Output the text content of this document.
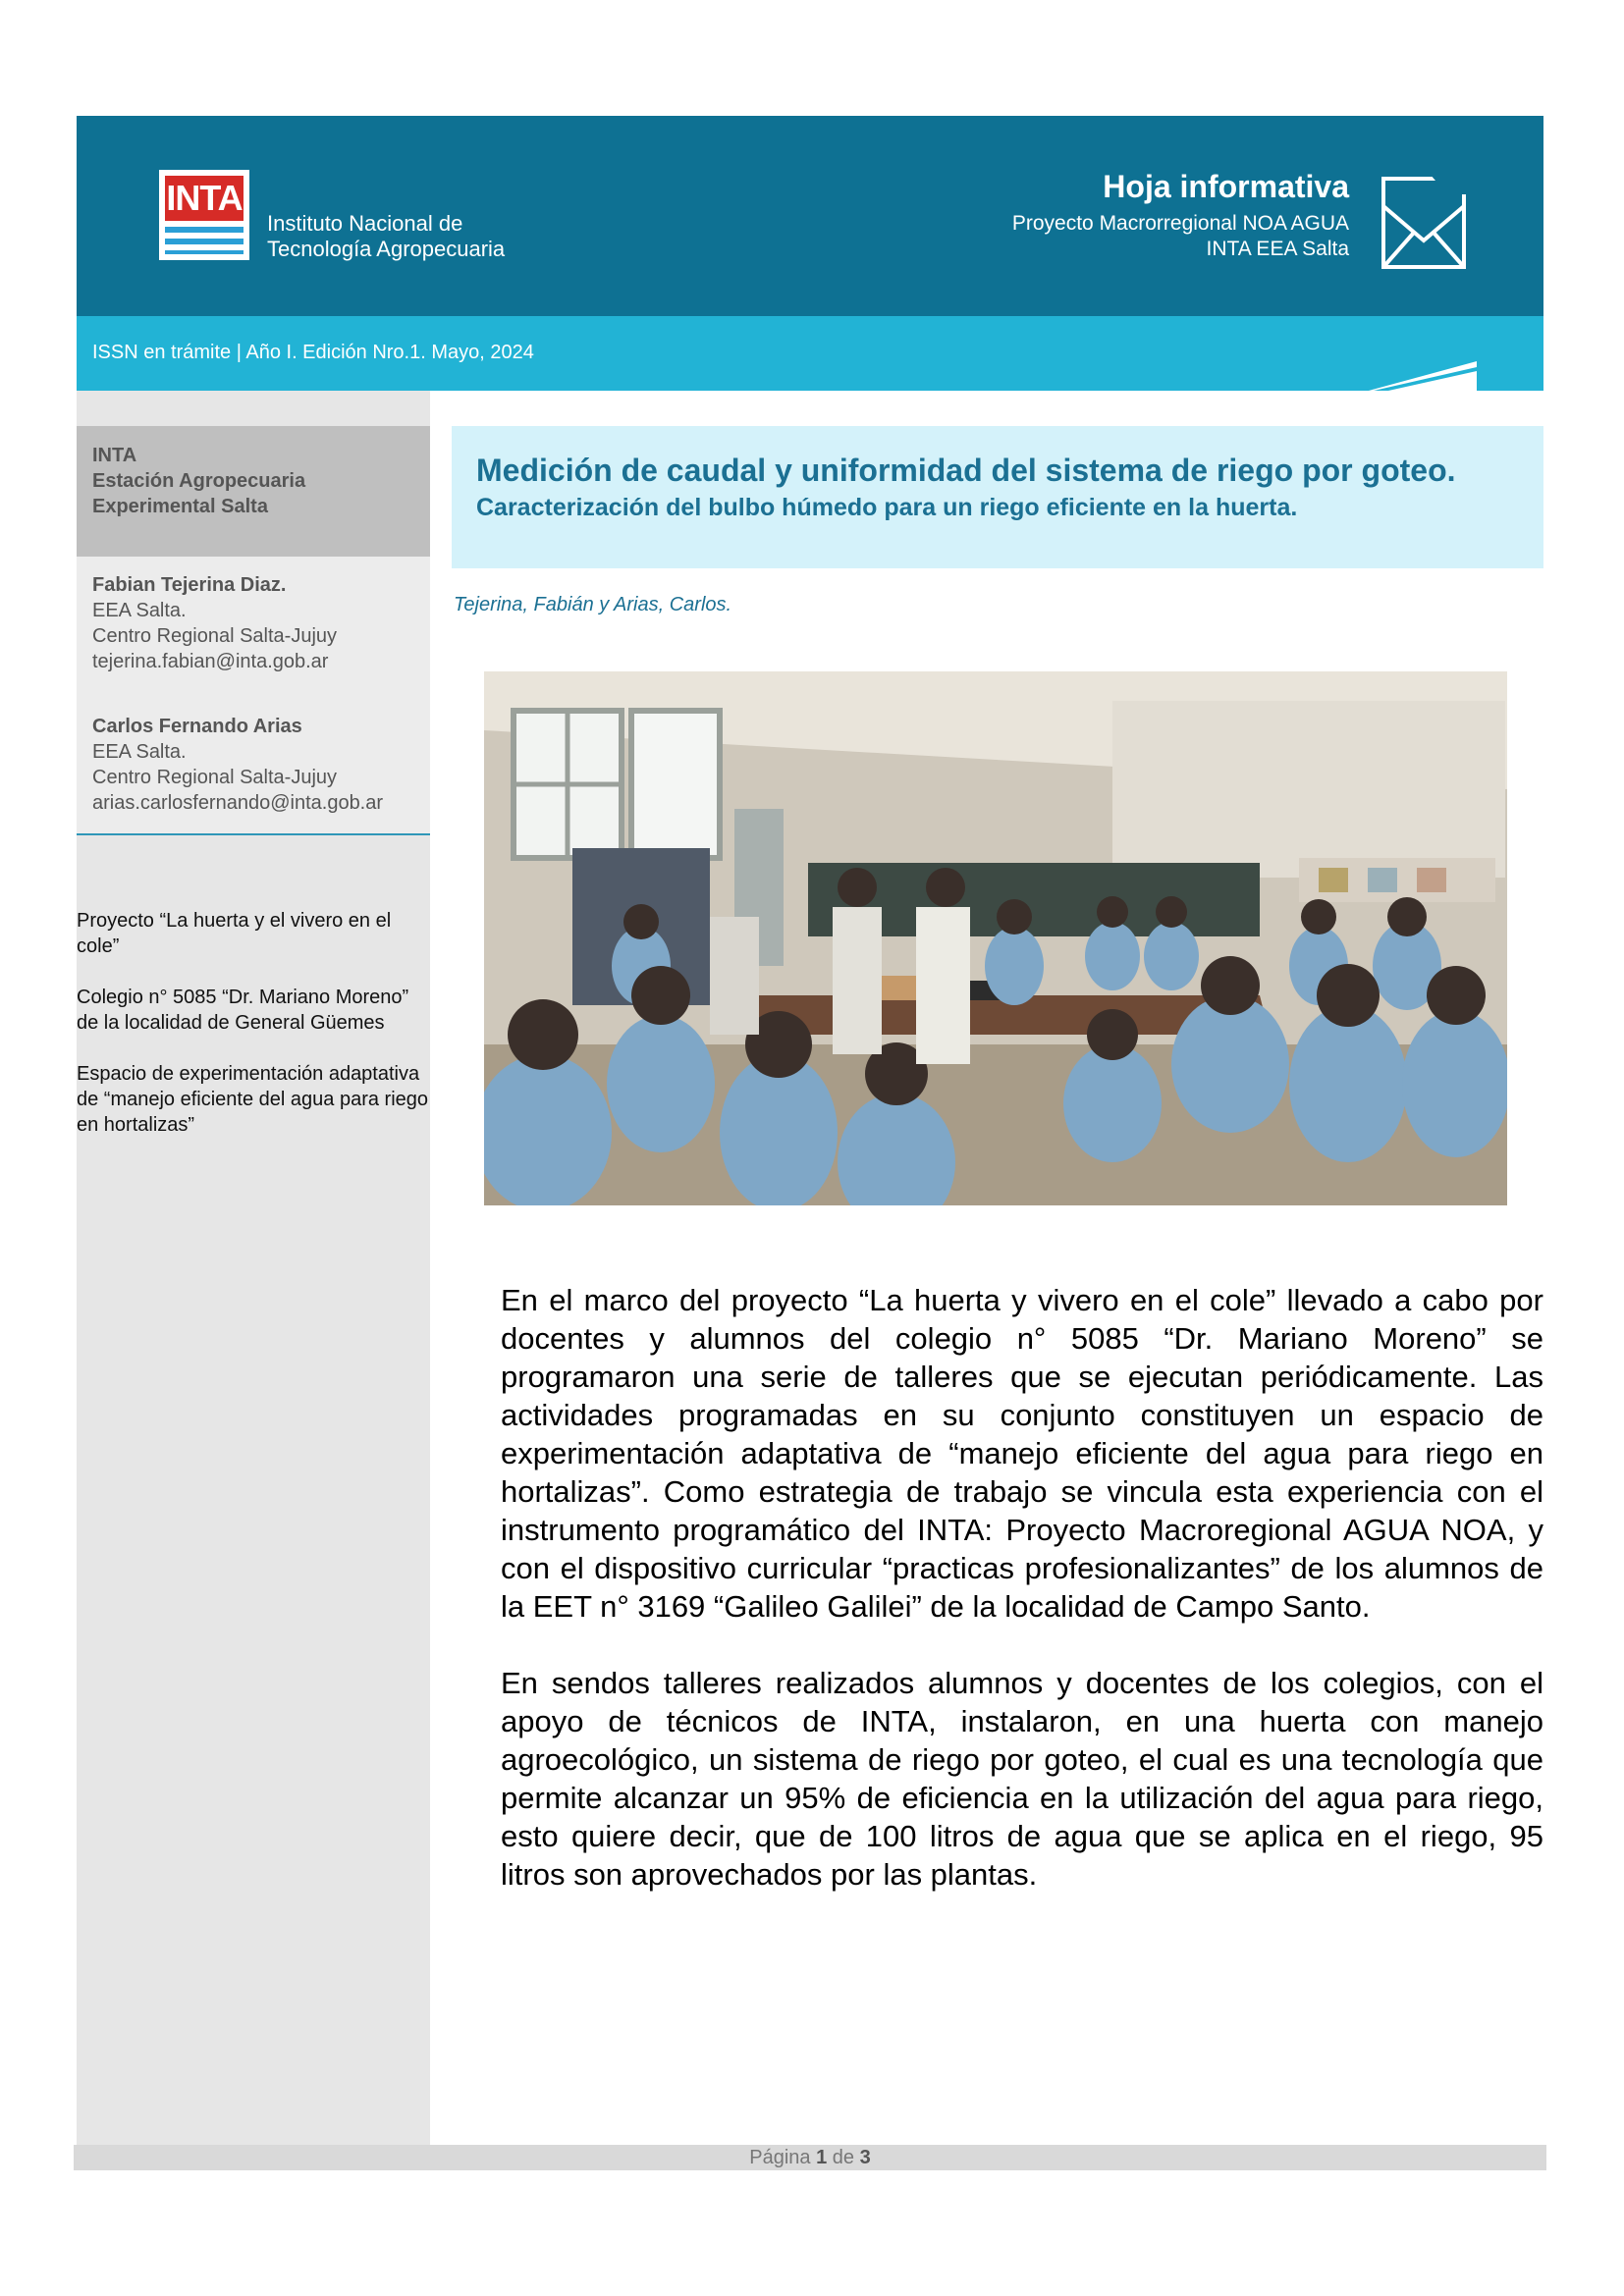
INTA
Instituto Nacional de
Tecnología Agropecuaria
Hoja informativa
Proyecto Macrorregional NOA AGUA
INTA EEA Salta
ISSN en trámite | Año I. Edición Nro.1. Mayo, 2024
INTA
Estación Agropecuaria
Experimental Salta
Fabian Tejerina Diaz.
EEA Salta.
Centro Regional Salta-Jujuy
tejerina.fabian@inta.gob.ar
Carlos Fernando Arias
EEA Salta.
Centro Regional Salta-Jujuy
arias.carlosfernando@inta.gob.ar

Proyecto “La huerta y el vivero en el cole”

Colegio n° 5085 “Dr. Mariano Moreno” de la localidad de General Güemes

Espacio de experimentación adaptativa de “manejo eficiente del agua para riego en hortalizas”

Medición de caudal y uniformidad del sistema de riego por goteo.
Caracterización del bulbo húmedo para un riego eficiente en la huerta.
Tejerina, Fabián y Arias, Carlos.

En el marco del proyecto “La huerta y vivero en el cole” llevado a cabo por docentes y alumnos del colegio n° 5085 “Dr. Mariano Moreno” se programaron una serie de talleres que se ejecutan periódicamente. Las actividades programadas en su conjunto constituyen un espacio de experimentación adaptativa de “manejo eficiente del agua para riego en hortalizas”. Como estrategia de trabajo se vincula esta experiencia con el instrumento programático del INTA: Proyecto Macroregional AGUA NOA, y con el dispositivo curricular “practicas profesionalizantes” de los alumnos de la EET n° 3169 “Galileo Galilei” de la localidad de Campo Santo.

En sendos talleres realizados alumnos y docentes de los colegios, con el apoyo de técnicos de INTA, instalaron, en una huerta con manejo agroecológico, un sistema de riego por goteo, el cual es una tecnología que permite alcanzar un 95% de eficiencia en la utilización del agua para riego, esto quiere decir, que de 100 litros de agua que se aplica en el riego, 95 litros son aprovechados por las plantas.

Página 1 de 3
